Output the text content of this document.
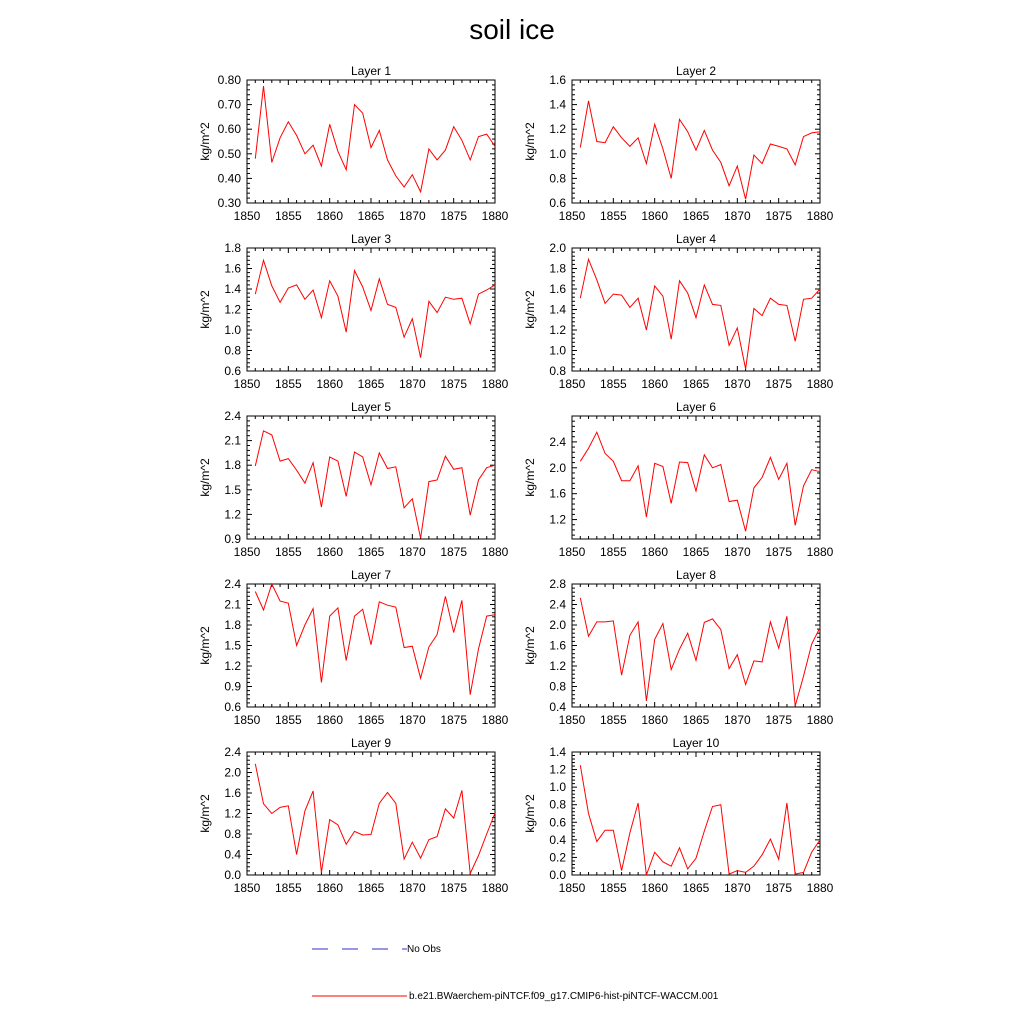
soil ice
Layer 1
kg/m^2
1850 1855 1860 1865 1870 1875 1880
0.30
0.40
0.50
0.60
0.70
0.80
Layer 2
kg/m^2
1850 1855 1860 1865 1870 1875 1880
0.6
0.8
1.0
1.2
1.4
1.6
Layer 3
kg/m^2
1850 1855 1860 1865 1870 1875 1880
0.6
0.8
1.0
1.2
1.4
1.6
1.8
Layer 4
kg/m^2
1850 1855 1860 1865 1870 1875 1880
0.8
1.0
1.2
1.4
1.6
1.8
2.0
Layer 5
kg/m^2
1850 1855 1860 1865 1870 1875 1880
0.9
1.2
1.5
1.8
2.1
2.4
Layer 6
kg/m^2
1850 1855 1860 1865 1870 1875 1880
1.2
1.6
2.0
2.4
Layer 7
kg/m^2
1850 1855 1860 1865 1870 1875 1880
0.6
0.9
1.2
1.5
1.8
2.1
2.4
Layer 8
kg/m^2
1850 1855 1860 1865 1870 1875 1880
0.4
0.8
1.2
1.6
2.0
2.4
2.8
Layer 9
kg/m^2
1850 1855 1860 1865 1870 1875 1880
0.0
0.4
0.8
1.2
1.6
2.0
2.4
Layer 10
kg/m^2
1850 1855 1860 1865 1870 1875 1880
0.0
0.2
0.4
0.6
0.8
1.0
1.2
1.4
No Obs
b.e21.BWaerchem-piNTCF.f09_g17.CMIP6-hist-piNTCF-WACCM.001
